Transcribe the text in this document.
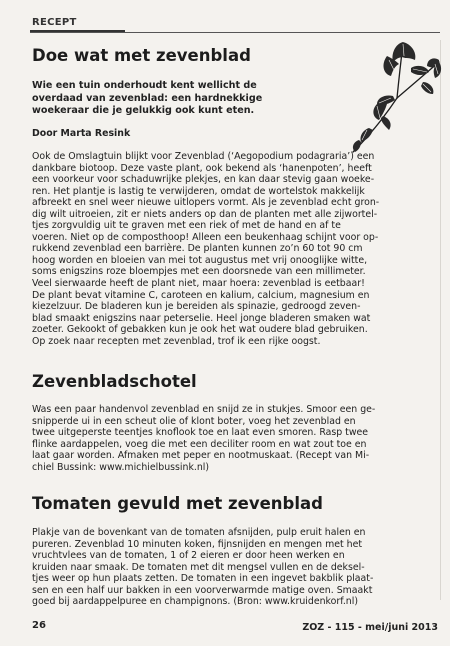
RECEPT
Doe wat met zevenblad
Wie een tuin onderhoudt kent wellicht de
overdaad van zevenblad: een hardnekkige
woekeraar die je gelukkig ook kunt eten.
Door Marta Resink
Ook de Omslagtuin blijkt voor Zevenblad (‘Aegopodium podagraria’) een
dankbare biotoop. Deze vaste plant, ook bekend als ‘hanenpoten’, heeft
een voorkeur voor schaduwrijke plekjes, en kan daar stevig gaan woeke-
ren. Het plantje is lastig te verwijderen, omdat de wortelstok makkelijk
afbreekt en snel weer nieuwe uitlopers vormt. Als je zevenblad echt gron-
dig wilt uitroeien, zit er niets anders op dan de planten met alle zijwortel-
tjes zorgvuldig uit te graven met een riek of met de hand en af te
voeren. Niet op de composthoop! Alleen een beukenhaag schijnt voor op-
rukkend zevenblad een barrière. De planten kunnen zo’n 60 tot 90 cm
hoog worden en bloeien van mei tot augustus met vrij onooglijke witte,
soms enigszins roze bloempjes met een doorsnede van een millimeter.
Veel sierwaarde heeft de plant niet, maar hoera: zevenblad is eetbaar!
De plant bevat vitamine C, caroteen en kalium, calcium, magnesium en
kiezelzuur. De bladeren kun je bereiden als spinazie, gedroogd zeven-
blad smaakt enigszins naar peterselie. Heel jonge bladeren smaken wat
zoeter. Gekookt of gebakken kun je ook het wat oudere blad gebruiken.
Op zoek naar recepten met zevenblad, trof ik een rijke oogst.
Zevenbladschotel
Was een paar handenvol zevenblad en snijd ze in stukjes. Smoor een ge-
snipperde ui in een scheut olie of klont boter, voeg het zevenblad en
twee uitgeperste teentjes knoflook toe en laat even smoren. Rasp twee
flinke aardappelen, voeg die met een deciliter room en wat zout toe en
laat gaar worden. Afmaken met peper en nootmuskaat. (Recept van Mi-
chiel Bussink: www.michielbussink.nl)
Tomaten gevuld met zevenblad
Plakje van de bovenkant van de tomaten afsnijden, pulp eruit halen en
pureren. Zevenblad 10 minuten koken, fijnsnijden en mengen met het
vruchtvlees van de tomaten, 1 of 2 eieren er door heen werken en
kruiden naar smaak. De tomaten met dit mengsel vullen en de deksel-
tjes weer op hun plaats zetten. De tomaten in een ingevet bakblik plaat-
sen en een half uur bakken in een voorverwarmde matige oven. Smaakt
goed bij aardappelpuree en champignons. (Bron: www.kruidenkorf.nl)
26	ZOZ - 115 - mei/juni 2013
